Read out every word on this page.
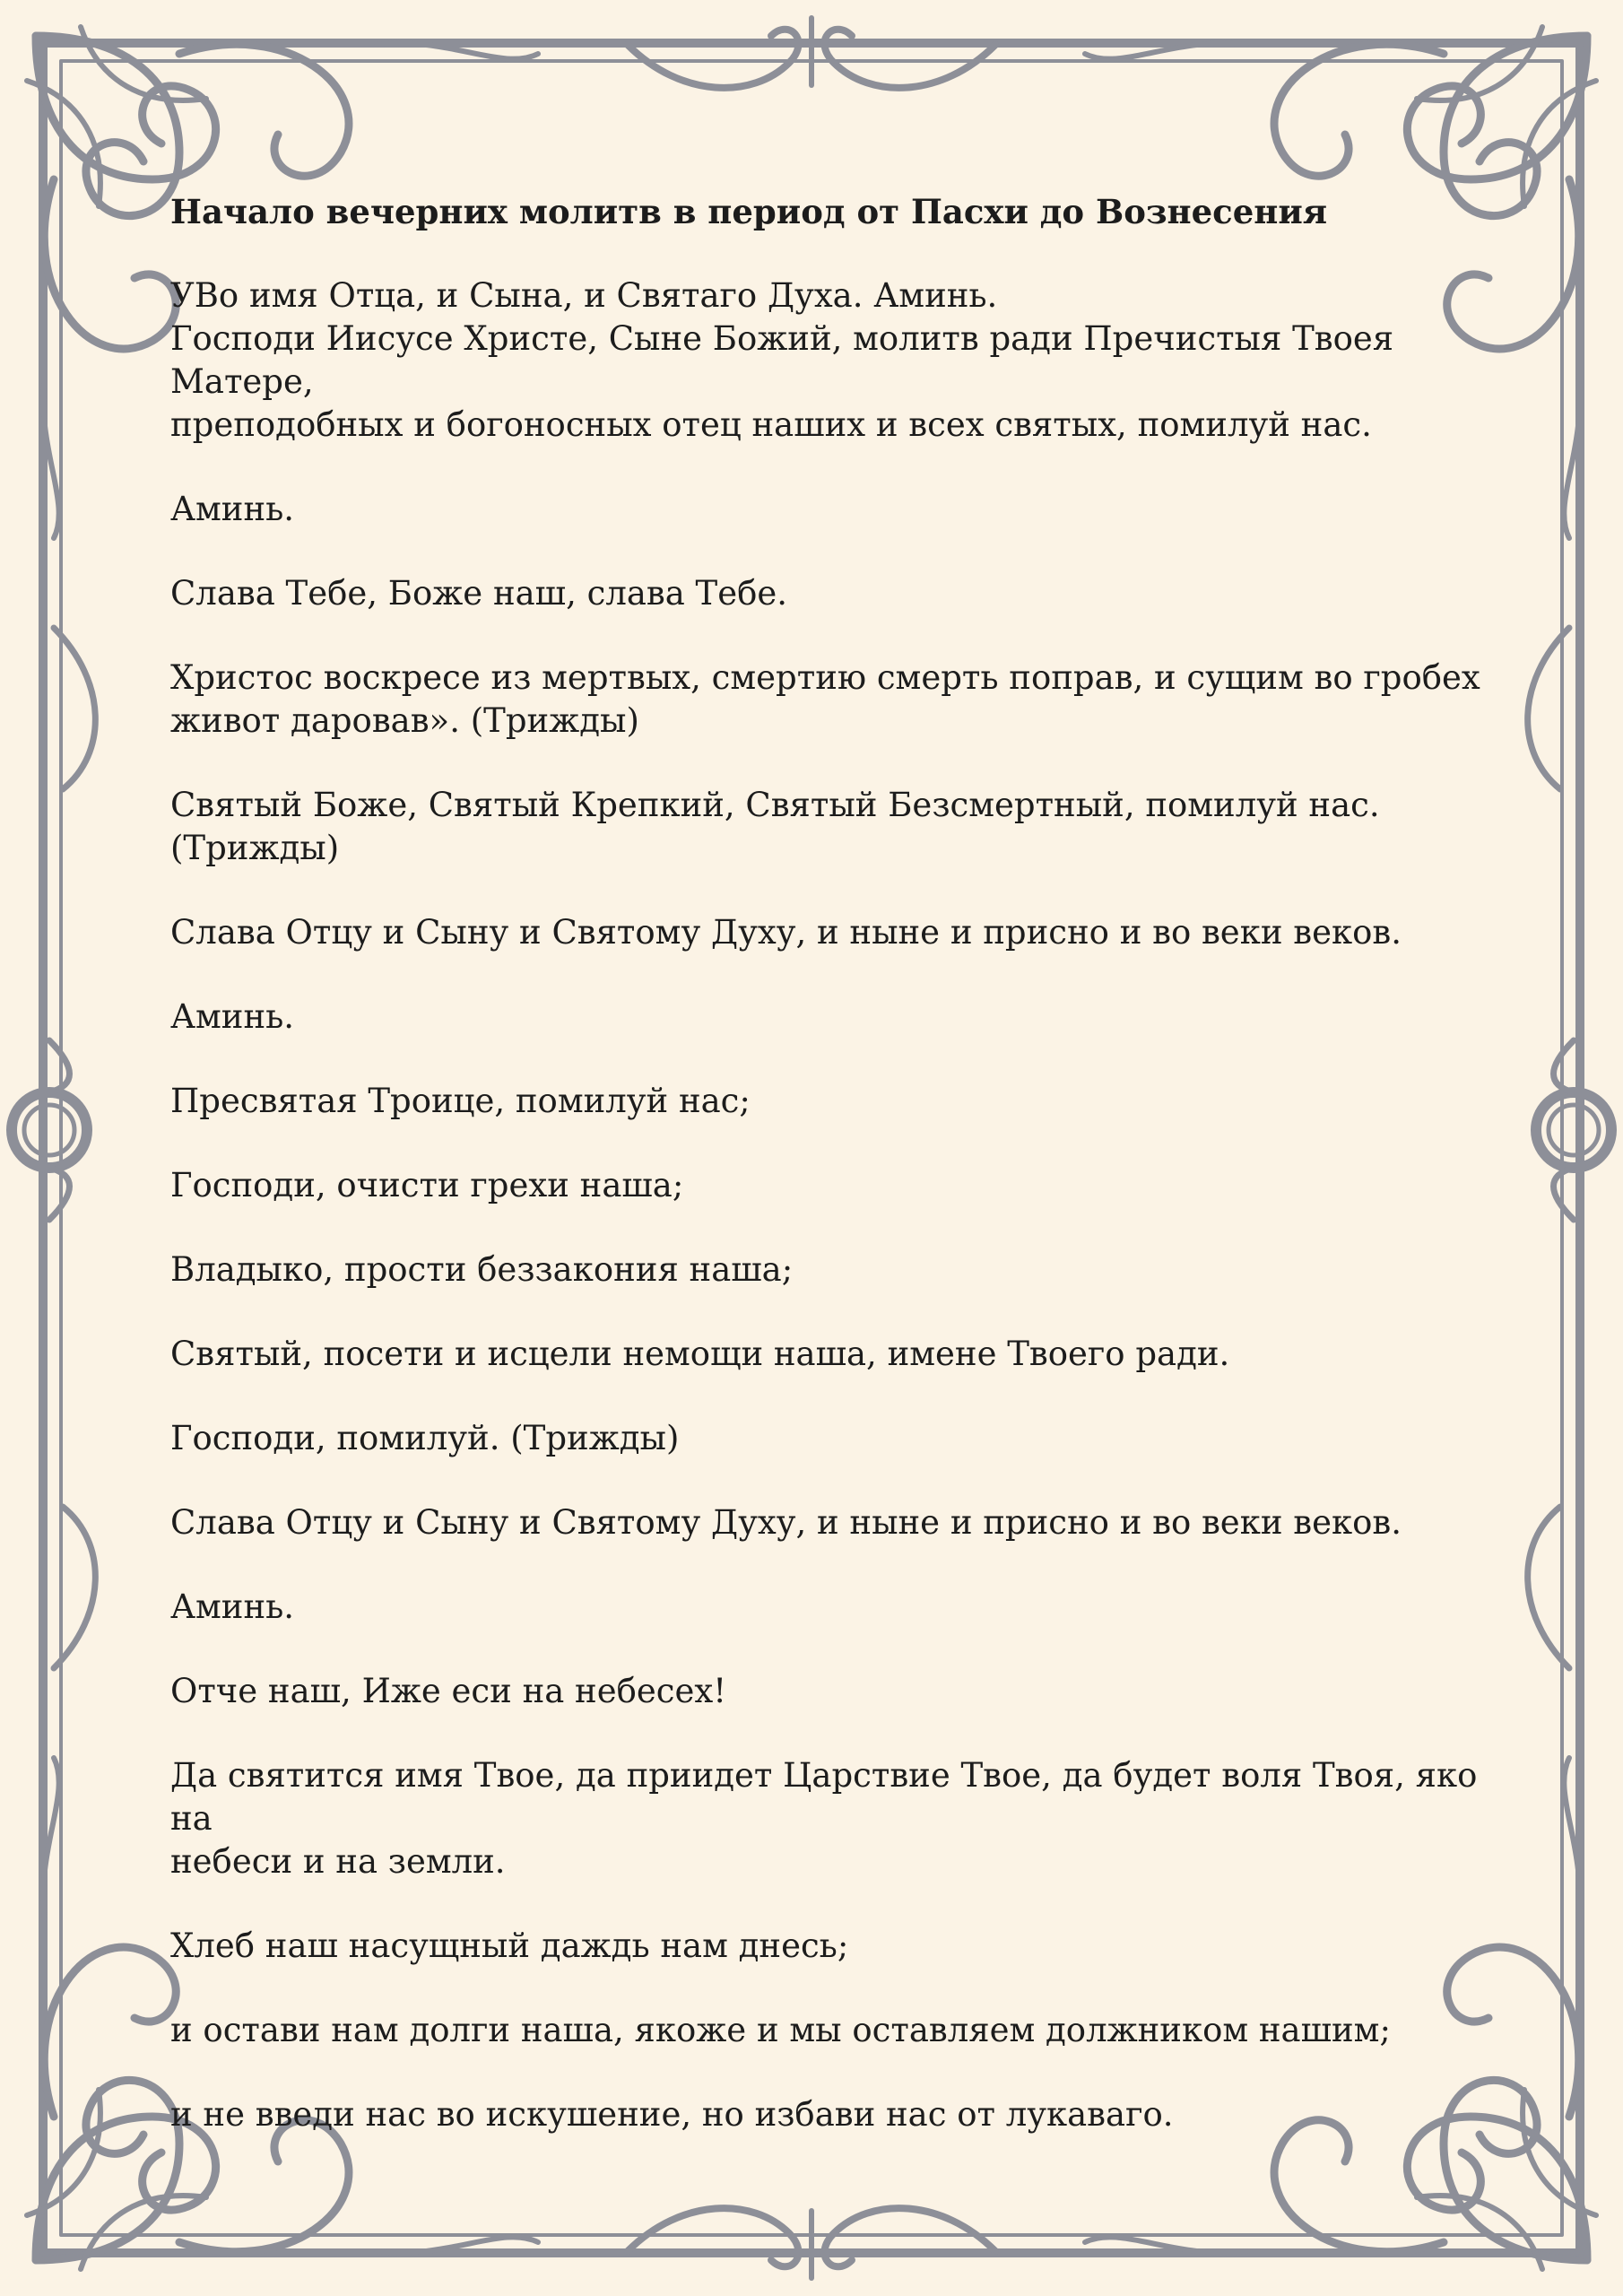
Начало вечерних молитв в период от Пасхи до Вознесения
УВо имя Отца, и Сына, и Святаго Духа. Аминь.
Господи Иисусе Христе, Сыне Божий, молитв ради Пречистыя Твоея Матере,
преподобных и богоносных отец наших и всех святых, помилуй нас.
Аминь.
Слава Тебе, Боже наш, слава Тебе.
Христос воскресе из мертвых, смертию смерть поправ, и сущим во гробех
живот даровав». (Трижды)
Святый Боже, Святый Крепкий, Святый Безсмертный, помилуй нас. (Трижды)
Слава Отцу и Сыну и Святому Духу, и ныне и присно и во веки веков.
Аминь.
Пресвятая Троице, помилуй нас;
Господи, очисти грехи наша;
Владыко, прости беззакония наша;
Святый, посети и исцели немощи наша, имене Твоего ради.
Господи, помилуй. (Трижды)
Слава Отцу и Сыну и Святому Духу, и ныне и присно и во веки веков.
Аминь.
Отче наш, Иже еси на небесех!
Да святится имя Твое, да приидет Царствие Твое, да будет воля Твоя, яко на
небеси и на земли.
Хлеб наш насущный даждь нам днесь;
и остави нам долги наша, якоже и мы оставляем должником нашим;
и не введи нас во искушение, но избави нас от лукаваго.
